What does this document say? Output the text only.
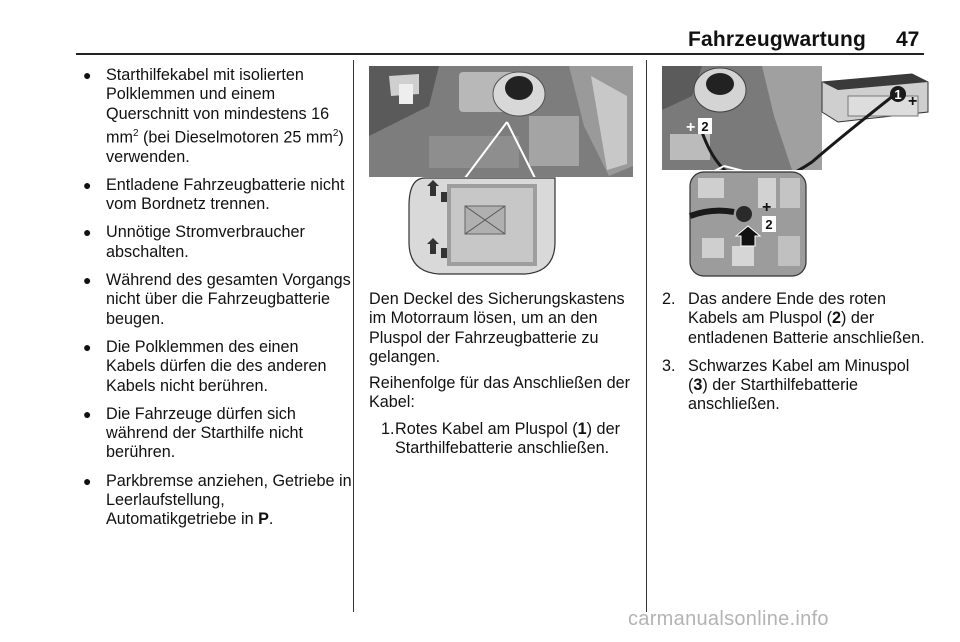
Fahrzeugwartung 47
● Starthilfekabel mit isolierten Polklemmen und einem Querschnitt von mindestens 16 $mm^2$ (bei Dieselmotoren 25 $mm^2$) verwenden.
● Entladene Fahrzeugbatterie nicht vom Bordnetz trennen.
● Unnötige Stromverbraucher abschalten.
● Während des gesamten Vorgangs nicht über die Fahrzeugbatterie beugen.
● Die Polklemmen des einen Kabels dürfen die des anderen Kabels nicht berühren.
● Die Fahrzeuge dürfen sich während der Starthilfe nicht berühren.
● Parkbremse anziehen, Getriebe in Leerlaufstellung, Automatikgetriebe in P.

Den Deckel des Sicherungskastens im Motorraum lösen, um an den Pluspol der Fahrzeugbatterie zu gelangen.

Reihenfolge für das Anschließen der Kabel:

1. Rotes Kabel am Pluspol (1) der Starthilfebatterie anschließen.
1 +
–
+ 2
+
2
2. Das andere Ende des roten Kabels am Pluspol (2) der entladenen Batterie anschließen.
3. Schwarzes Kabel am Minuspol (3) der Starthilfebatterie anschließen.
carmanualsonline.info
